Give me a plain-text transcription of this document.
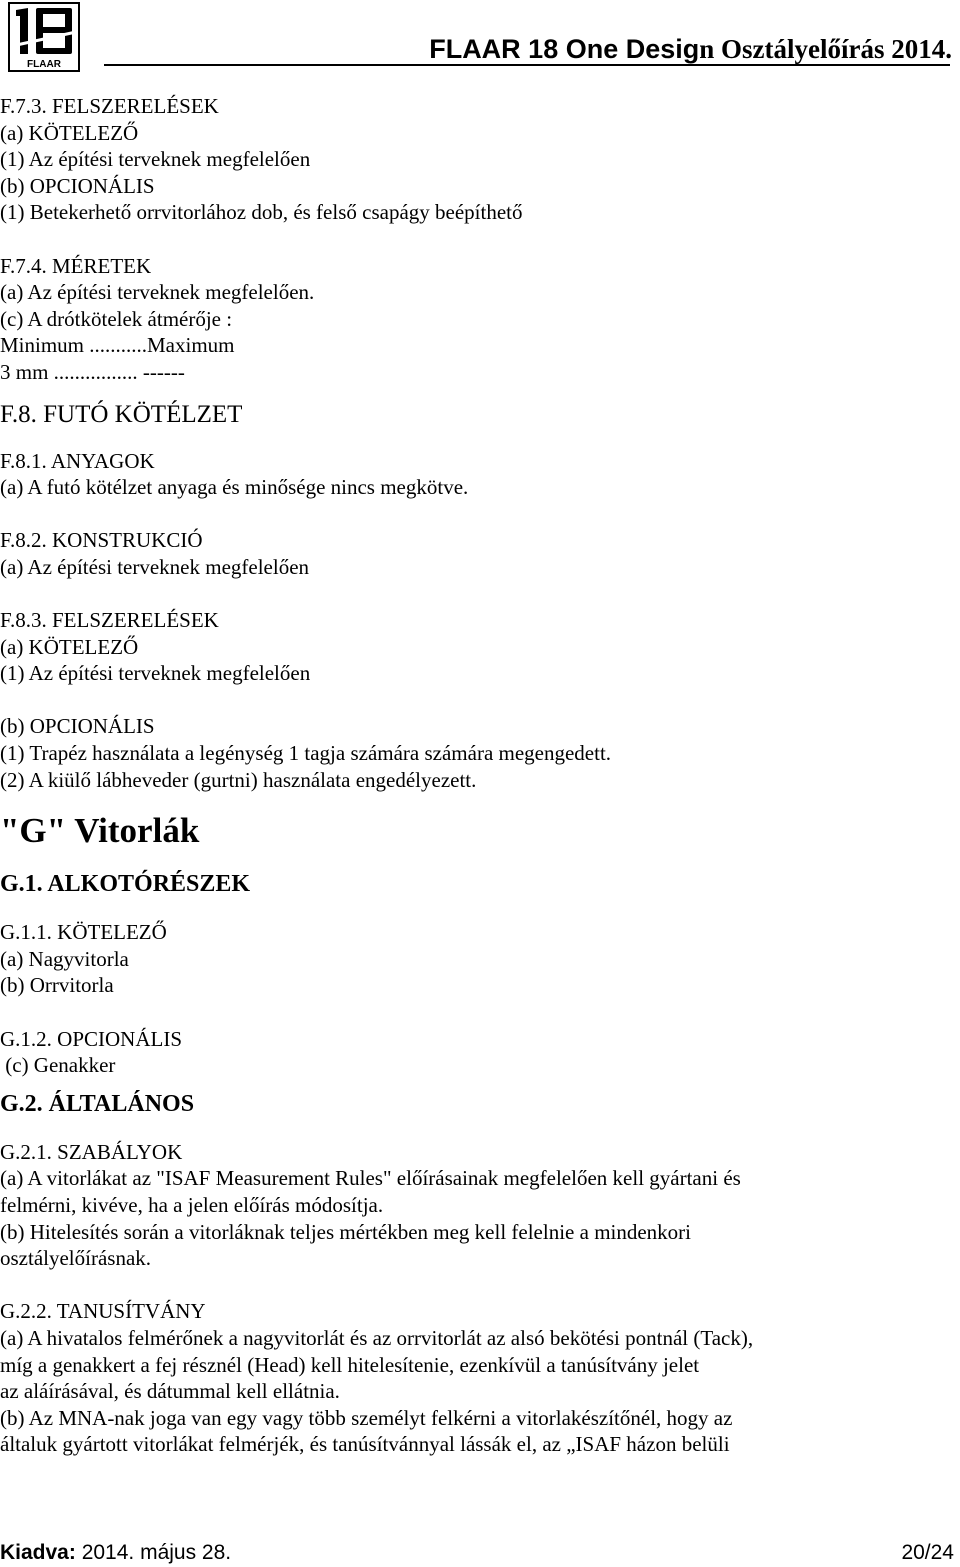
FLAAR
FLAAR 18 One Design Osztályelőírás 2014.
F.7.3. FELSZERELÉSEK
(a) KÖTELEZŐ
(1) Az építési terveknek megfelelően
(b) OPCIONÁLIS
(1) Betekerhető orrvitorlához dob, és felső csapágy beépíthető
F.7.4. MÉRETEK
(a) Az építési terveknek megfelelően.
(c) A drótkötelek átmérője :
Minimum ...........Maximum
3 mm ................ ------
F.8. FUTÓ KÖTÉLZET
F.8.1. ANYAGOK
(a) A futó kötélzet anyaga és minősége nincs megkötve.
F.8.2. KONSTRUKCIÓ
(a) Az építési terveknek megfelelően
F.8.3. FELSZERELÉSEK
(a) KÖTELEZŐ
(1) Az építési terveknek megfelelően
(b) OPCIONÁLIS
(1) Trapéz használata a legénység 1 tagja számára számára megengedett.
(2) A kiülő lábheveder (gurtni) használata engedélyezett.
"G" Vitorlák
G.1. ALKOTÓRÉSZEK
G.1.1. KÖTELEZŐ
(a) Nagyvitorla
(b) Orrvitorla
G.1.2. OPCIONÁLIS
(c) Genakker
G.2. ÁLTALÁNOS
G.2.1. SZABÁLYOK
(a) A vitorlákat az "ISAF Measurement Rules" előírásainak megfelelően kell gyártani és
felmérni, kivéve, ha a jelen előírás módosítja.
(b) Hitelesítés során a vitorláknak teljes mértékben meg kell felelnie a mindenkori
osztályelőírásnak.
G.2.2. TANUSÍTVÁNY
(a) A hivatalos felmérőnek a nagyvitorlát és az orrvitorlát az alsó bekötési pontnál (Tack),
míg a genakkert a fej résznél (Head) kell hitelesítenie, ezenkívül a tanúsítvány jelet
az aláírásával, és dátummal kell ellátnia.
(b) Az MNA-nak joga van egy vagy több személyt felkérni a vitorlakészítőnél, hogy az
általuk gyártott vitorlákat felmérjék, és tanúsítvánnyal lássák el, az „ISAF házon belüli
Kiadva: 2014. május 28.	20/24
